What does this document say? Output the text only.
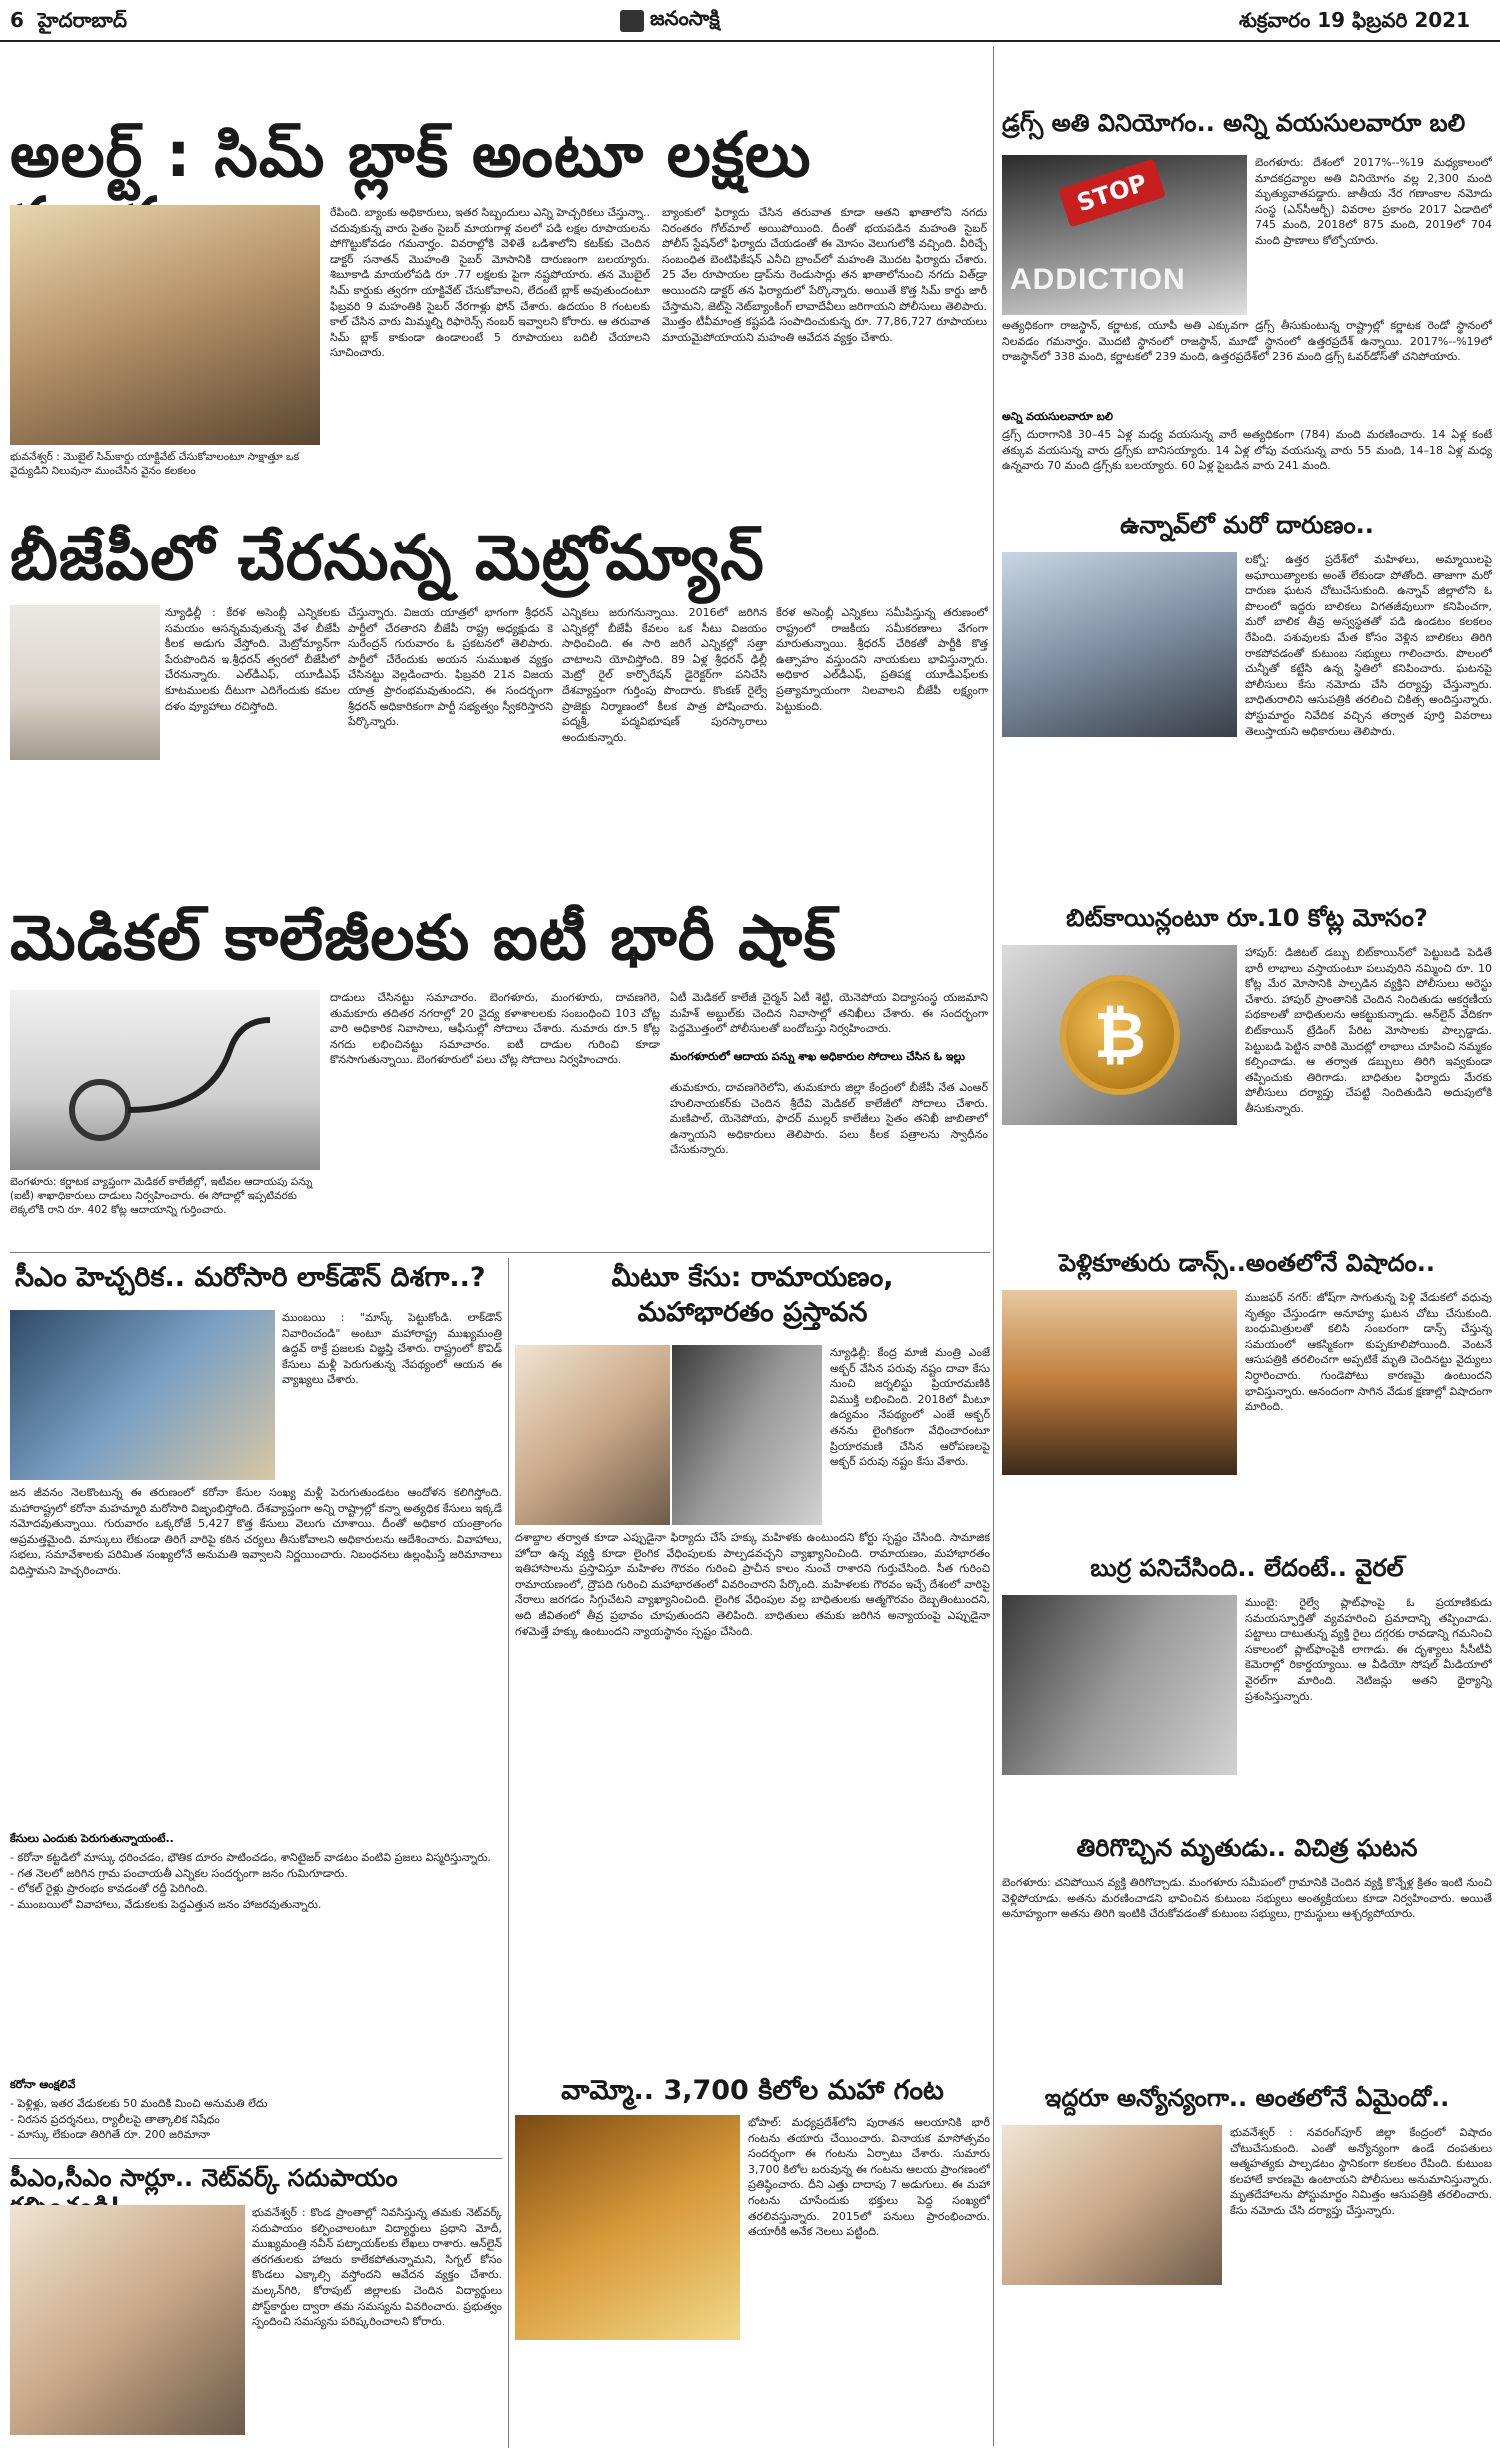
6 హైదరాబాద్	జనంసాక్షి	శుక్రవారం 19 ఫిబ్రవరి 2021
అలర్ట్ : సిమ్ బ్లాక్ అంటూ లక్షలు
భువనేశ్వర్ : మొబైల్ సిమ్‌కార్డు యాక్టివేట్ చేసుకోవాలంటూ సాక్షాత్తూ ఒక వైద్యుడిని నిలువునా ముంచేసిన వైనం కలకలం
రేపింది. బ్యాంకు అధికారులు, ఇతర సిబ్బందులు ఎన్ని హెచ్చరికలు చేస్తున్నా.. చదువుకున్న వారు సైతం సైబర్ మాయగాళ్ల వలలో పడి లక్షల రూపాయలను పోగొట్టుకోవడం గమనార్హం. వివరాల్లోకి వెళితే ఒడిశాలోని కటక్‌కు చెందిన డాక్టర్ సనాతన్ మొహంతి సైబర్ మోసానికి దారుణంగా బలయ్యారు. శిబూకాడి మాయలోపడి రూ .77 లక్షలకు పైగా నష్టపోయారు. తన మొబైల్ సిమ్ కార్డుకు త్వరగా యాక్టివేట్ చేసుకోవాలని, లేదంటే బ్లాక్ అవుతుందంటూ ఫిబ్రవరి 9 మహంతికి సైబర్ నేరగాళ్లు ఫోన్ చేశారు. ఉదయం 8 గంటలకు కాల్ చేసిన వారు మిమ్మల్ని రిఫారెన్స్ నంబర్ ఇవ్వాలని కోరారు. ఆ తరువాత సిమ్ బ్లాక్ కాకుండా ఉండాలంటే 5 రూపాయలు బదిలీ చేయాలని సూచించారు.
బ్యాంకులో ఫిర్యాదు చేసిన తరువాత కూడా ఆతని ఖాతాలోని నగదు నిరంతరం గోల్‌మాల్ అయిపోయింది. దీంతో భయపడిన మహంతి సైబర్ పోలీస్ స్టేషన్‌లో ఫిర్యాదు చేయడంతో ఈ మోసం వెలుగులోకి వచ్చింది. వీరిచ్చే సంబంధిత బెంటిఫికేషన్ ఎనీచి బ్రాంచ్‌లో మహంతి మొదట ఫిర్యాదు చేశారు. 25 వేల రూపాయల డ్రాప్‌ను రెండుసార్లు తన ఖాతాలోనుంచి నగదు విత్‌డ్రా అయిందని డాక్టర్ తన ఫిర్యాదులో పేర్కొన్నారు. అయితే కొత్త సిమ్ కార్డు జారీ చేస్తామని, జెట్‌సై నెట్‌బ్యాంకింగ్ లావాదేవీలు జరిగాయని పోలీసులు తెలిపారు. మొత్తం టీవీమాంత్ర కష్టపడి సంపాదించుకున్న రూ. 77,86,727 రూపాయలు మాయమైపోయాయని మహంతి ఆవేదన వ్యక్తం చేశారు.
బీజేపీలో చేరనున్న మెట్రోమ్యాన్
న్యూఢిల్లీ : కేరళ అసెంబ్లీ ఎన్నికలకు సమయం ఆసన్నమవుతున్న వేళ బీజేపీ కీలక అడుగు వేస్తోంది. మెట్రోమ్యాన్‌గా పేరుపొందిన ఇ.శ్రీధరన్ త్వరలో బీజేపీలో చేరనున్నారు. ఎల్‌డీఎఫ్, యూడీఎఫ్ కూటములకు దీటుగా ఎదిగేందుకు కమల దళం వ్యూహాలు రచిస్తోంది.
చేస్తున్నారు. విజయ యాత్రలో భాగంగా శ్రీధరన్ పార్టీలో చేరతారని బీజేపీ రాష్ట్ర అధ్యక్షుడు కె సురేంద్రన్ గురువారం ఓ ప్రకటనలో తెలిపారు. పార్టీలో చేరేందుకు అయన సుముఖత వ్యక్తం చేసినట్టు వెల్లడించారు. ఫిబ్రవరి 21న విజయ యాత్ర ప్రారంభమవుతుందని, ఈ సందర్భంగా శ్రీధరన్ అధికారికంగా పార్టీ సభ్యత్వం స్వీకరిస్తారని పేర్కొన్నారు.
ఎన్నికలు జరుగనున్నాయి. 2016లో జరిగిన ఎన్నికల్లో బీజేపీ కేవలం ఒక సీటు విజయం సాధించింది. ఈ సారి జరిగే ఎన్నికల్లో సత్తా చాటాలని యోచిస్తోంది. 89 ఏళ్ల శ్రీధరన్ ఢిల్లీ మెట్రో రైల్ కార్పొరేషన్ డైరెక్టర్‌గా పనిచేసి దేశవ్యాప్తంగా గుర్తింపు పొందారు. కొంకణ్ రైల్వే ప్రాజెక్టు నిర్మాణంలో కీలక పాత్ర పోషించారు. పద్మశ్రీ, పద్మవిభూషణ్ పురస్కారాలు అందుకున్నారు.
కేరళ అసెంబ్లీ ఎన్నికలు సమీపిస్తున్న తరుణంలో రాష్ట్రంలో రాజకీయ సమీకరణాలు వేగంగా మారుతున్నాయి. శ్రీధరన్ చేరికతో పార్టీకి కొత్త ఉత్సాహం వస్తుందని నాయకులు భావిస్తున్నారు. అధికార ఎల్‌డీఎఫ్, ప్రతిపక్ష యూడీఎఫ్‌లకు ప్రత్యామ్నాయంగా నిలవాలని బీజేపీ లక్ష్యంగా పెట్టుకుంది.
మెడికల్ కాలేజీలకు ఐటీ భారీ షాక్
బెంగళూరు: కర్ణాటక వ్యాప్తంగా మెడికల్ కాలేజీల్లో, ఇటీవల ఆదాయపు పన్ను (ఐటీ) శాఖాధికారులు దాడులు నిర్వహించారు. ఈ సోదాల్లో ఇప్పటివరకు లెక్కలోకి రాని రూ. 402 కోట్ల ఆదాయాన్ని గుర్తించారు.
దాడులు చేసినట్టు సమాచారం. బెంగళూరు, మంగళూరు, దావణగెరె, తుమకూరు తదితర నగరాల్లో 20 వైద్య కళాశాలలకు సంబంధించి 103 చోట్ల వారి అధికారిక నివాసాలు, ఆఫీసుల్లో సోదాలు చేశారు. నుమారు రూ.5 కోట్ల నగదు లభించినట్టు సమాచారం. ఐటీ దాడుల గురించి కూడా కొనసాగుతున్నాయి. బెంగళూరులో పలు చోట్ల సోదాలు నిర్వహించారు.
ఏటీ మెడికల్ కాలేజీ చైర్మన్ ఏటీ శెట్టి, యెనెపోయ విద్యాసంస్థ యజమాని మహేశ్ అబ్దుల్‌కు చెందిన నివాసాల్లో తనిఖీలు చేశారు. ఈ సందర్భంగా పెద్దమొత్తంలో పోలీసులతో బందోబస్తు నిర్వహించారు.
మంగళూరులో ఆదాయ పన్ను శాఖ అధికారుల సోదాలు చేసిన ఓ ఇల్లు
తుమకూరు, దావణగెరెలోని, తుమకూరు జిల్లా కేంద్రంలో బీజేపీ నేత ఎంఆర్ హులినాయకర్‌కు చెందిన శ్రీదేవి మెడికల్ కాలేజీలో సోదాలు చేశారు. మణిపాల్, యెనెపోయ, ఫాదర్ ముల్లర్ కాలేజీలు సైతం తనిఖీ జాబితాలో ఉన్నాయని అధికారులు తెలిపారు. పలు కీలక పత్రాలను స్వాధీనం చేసుకున్నారు.
సీఎం హెచ్చరిక.. మరోసారి లాక్‌డౌన్ దిశగా..?
ముంబయి : "మాస్క్ పెట్టుకోండి. లాక్‌డౌన్ నివారించండి" అంటూ మహారాష్ట్ర ముఖ్యమంత్రి ఉద్ధవ్ ఠాక్రే ప్రజలకు విజ్ఞప్తి చేశారు. రాష్ట్రంలో కొవిడ్ కేసులు మళ్లీ పెరుగుతున్న నేపథ్యంలో ఆయన ఈ వ్యాఖ్యలు చేశారు.
జన జీవనం నెలకొంటున్న ఈ తరుణంలో కరోనా కేసుల సంఖ్య మళ్లీ పెరుగుతుండటం ఆందోళన కలిగిస్తోంది. మహారాష్ట్రలో కరోనా మహమ్మారి మరోసారి విజృంభిస్తోంది. దేశవ్యాప్తంగా అన్ని రాష్ట్రాల్లో కన్నా అత్యధిక కేసులు ఇక్కడే నమోదవుతున్నాయి. గురువారం ఒక్కరోజే 5,427 కొత్త కేసులు వెలుగు చూశాయి. దీంతో అధికార యంత్రాంగం అప్రమత్తమైంది. మాస్కులు లేకుండా తిరిగే వారిపై కఠిన చర్యలు తీసుకోవాలని అధికారులను ఆదేశించారు. వివాహాలు, సభలు, సమావేశాలకు పరిమిత సంఖ్యలోనే అనుమతి ఇవ్వాలని నిర్ణయించారు. నిబంధనలు ఉల్లంఘిస్తే జరిమానాలు విధిస్తామని హెచ్చరించారు.
కేసులు ఎందుకు పెరుగుతున్నాయంటే..
- కరోనా కట్టడిలో మాస్కు ధరించడం, భౌతిక దూరం పాటించడం, శానిటైజర్ వాడటం వంటివి ప్రజలు విస్మరిస్తున్నారు.
- గత నెలలో జరిగిన గ్రామ పంచాయతీ ఎన్నికల సందర్భంగా జనం గుమిగూడారు.
- లోకల్ రైళ్లు ప్రారంభం కావడంతో రద్దీ పెరిగింది.
- ముంబయిలో వివాహాలు, వేడుకలకు పెద్దఎత్తున జనం హాజరవుతున్నారు.
కరోనా ఆంక్షలివే
- పెళ్లిళ్లు, ఇతర వేడుకలకు 50 మందికి మించి అనుమతి లేదు
- నిరసన ప్రదర్శనలు, ర్యాలీలపై తాత్కాలిక నిషేధం
- మాస్కు లేకుండా తిరిగితే రూ. 200 జరిమానా
మీటూ కేసు: రామాయణం,
మహాభారతం ప్రస్తావన
న్యూఢిల్లీ: కేంద్ర మాజీ మంత్రి ఎంజే అక్బర్ వేసిన పరువు నష్టం దావా కేసు నుంచి జర్నలిస్టు ప్రియారమణికి విముక్తి లభించింది. 2018లో మీటూ ఉద్యమం నేపథ్యంలో ఎంజే అక్బర్ తనను లైంగికంగా వేధించారంటూ ప్రియారమణి చేసిన ఆరోపణలపై అక్బర్ పరువు నష్టం కేసు వేశారు.
దశాబ్దాల తర్వాత కూడా ఎప్పుడైనా ఫిర్యాదు చేసే హక్కు మహిళకు ఉంటుందని కోర్టు స్పష్టం చేసింది. సామాజిక హోదా ఉన్న వ్యక్తి కూడా లైంగిక వేధింపులకు పాల్పడవచ్చని వ్యాఖ్యానించింది. రామాయణం, మహాభారతం ఇతిహాసాలను ప్రస్తావిస్తూ మహిళల గౌరవం గురించి ప్రాచీన కాలం నుంచే రాశారని గుర్తుచేసింది. సీత గురించి రామాయణంలో, ద్రౌపది గురించి మహాభారతంలో వివరించారని పేర్కొంది. మహిళలకు గౌరవం ఇచ్చే దేశంలో వారిపై నేరాలు జరగడం సిగ్గుచేటని వ్యాఖ్యానించింది. లైంగిక వేధింపుల వల్ల బాధితులకు ఆత్మగౌరవం దెబ్బతింటుందని, అది జీవితంలో తీవ్ర ప్రభావం చూపుతుందని తెలిపింది. బాధితులు తమకు జరిగిన అన్యాయంపై ఎప్పుడైనా గళమెత్తే హక్కు ఉంటుందని న్యాయస్థానం స్పష్టం చేసింది.
వామ్మో.. 3,700 కిలోల మహా గంట
భోపాల్: మధ్యప్రదేశ్‌లోని పురాతన ఆలయానికి భారీ గంటను తయారు చేయించారు. వినాయక మాసోత్సవం సందర్భంగా ఈ గంటను ఏర్పాటు చేశారు. సుమారు 3,700 కిలోల బరువున్న ఈ గంటను ఆలయ ప్రాంగణంలో ప్రతిష్ఠించారు. దీని ఎత్తు దాదాపు 7 అడుగులు. ఈ మహా గంటను చూసేందుకు భక్తులు పెద్ద సంఖ్యలో తరలివస్తున్నారు. 2015లో పనులు ప్రారంభించారు. తయారీకి అనేక నెలలు పట్టింది.
పీఎం,సీఎం సార్లూ.. నెట్‌వర్క్ సదుపాయం
భువనేశ్వర్ : కొండ ప్రాంతాల్లో నివసిస్తున్న తమకు నెట్‌వర్క్ సదుపాయం కల్పించాలంటూ విద్యార్థులు ప్రధాని మోదీ, ముఖ్యమంత్రి నవీన్ పట్నాయక్‌లకు లేఖలు రాశారు. ఆన్‌లైన్ తరగతులకు హాజరు కాలేకపోతున్నామని, సిగ్నల్ కోసం కొండలు ఎక్కాల్సి వస్తోందని ఆవేదన వ్యక్తం చేశారు. మల్కన్‌గిరి, కోరాపుట్ జిల్లాలకు చెందిన విద్యార్థులు పోస్ట్‌కార్డుల ద్వారా తమ సమస్యను వివరించారు. ప్రభుత్వం స్పందించి సమస్యను పరిష్కరించాలని కోరారు.
డ్రగ్స్ అతి వినియోగం.. అన్ని వయసులవారూ బలి
STOP
ADDICTION
బెంగళూరు: దేశంలో 2017%--%19 మధ్యకాలంలో మాదకద్రవ్యాల అతి వినియోగం వల్ల 2,300 మంది మృత్యువాతపడ్డారు. జాతీయ నేర గణాంకాల నమోదు సంస్థ (ఎన్‌సీఆర్బీ) వివరాల ప్రకారం 2017 ఏడాదిలో 745 మంది, 2018లో 875 మంది, 2019లో 704 మంది ప్రాణాలు కోల్పోయారు.
అత్యధికంగా రాజస్థాన్, కర్ణాటక, యూపీ అతి ఎక్కువగా డ్రగ్స్ తీసుకుంటున్న రాష్ట్రాల్లో కర్ణాటక రెండో స్థానంలో నిలవడం గమనార్హం. మొదటి స్థానంలో రాజస్థాన్, మూడో స్థానంలో ఉత్తరప్రదేశ్ ఉన్నాయి. 2017%--%19లో రాజస్థాన్‌లో 338 మంది, కర్ణాటకలో 239 మంది, ఉత్తరప్రదేశ్‌లో 236 మంది డ్రగ్స్ ఓవర్‌డోస్‌తో చనిపోయారు.
అన్ని వయసులవారూ బలి
డ్రగ్స్ దురాగానికి 30–45 ఏళ్ల మధ్య వయసున్న వారే అత్యధికంగా (784) మంది మరణించారు. 14 ఏళ్ల కంటే తక్కువ వయసున్న వారు డ్రగ్స్‌కు బానిసయ్యారు. 14 ఏళ్ల లోపు వయసున్న వారు 55 మంది, 14–18 ఏళ్ల మధ్య ఉన్నవారు 70 మంది డ్రగ్స్‌కు బలయ్యారు. 60 ఏళ్ల పైబడిన వారు 241 మంది.
ఉన్నావ్‌లో మరో దారుణం..
లక్నో: ఉత్తర ప్రదేశ్‌లో మహిళలు, అమ్మాయిలపై అఘాయిత్యాలకు అంతే లేకుండా పోతోంది. తాజాగా మరో దారుణ ఘటన చోటుచేసుకుంది. ఉన్నావ్ జిల్లాలోని ఓ పొలంలో ఇద్దరు బాలికలు విగతజీవులుగా కనిపించగా, మరో బాలిక తీవ్ర అస్వస్థతతో పడి ఉండటం కలకలం రేపింది. పశువులకు మేత కోసం వెళ్లిన బాలికలు తిరిగి రాకపోవడంతో కుటుంబ సభ్యులు గాలించారు. పొలంలో చున్నీతో కట్టేసి ఉన్న స్థితిలో కనిపించారు. ఘటనపై పోలీసులు కేసు నమోదు చేసి దర్యాప్తు చేస్తున్నారు. బాధితురాలిని ఆసుపత్రికి తరలించి చికిత్స అందిస్తున్నారు. పోస్టుమార్టం నివేదిక వచ్చిన తర్వాత పూర్తి వివరాలు తెలుస్తాయని అధికారులు తెలిపారు.
బిట్‌కాయిన్లంటూ రూ.10 కోట్ల మోసం?
₿
హాపుర్: డిజిటల్ డబ్బు బిట్‌కాయిన్‌లో పెట్టుబడి పెడితే భారీ లాభాలు వస్తాయంటూ పలువురిని నమ్మించి రూ. 10 కోట్ల మేర మోసానికి పాల్పడిన వ్యక్తిని పోలీసులు అరెస్టు చేశారు. హాపుర్ ప్రాంతానికి చెందిన నిందితుడు ఆకర్షణీయ పథకాలతో బాధితులను ఆకట్టుకున్నాడు. ఆన్‌లైన్ వేదికగా బిట్‌కాయిన్ ట్రేడింగ్ పేరిట మోసాలకు పాల్పడ్డాడు. పెట్టుబడి పెట్టిన వారికి మొదట్లో లాభాలు చూపించి నమ్మకం కల్పించాడు. ఆ తర్వాత డబ్బులు తిరిగి ఇవ్వకుండా తప్పించుకు తిరిగాడు. బాధితుల ఫిర్యాదు మేరకు పోలీసులు దర్యాప్తు చేపట్టి నిందితుడిని అదుపులోకి తీసుకున్నారు.
పెళ్లికూతురు డాన్స్..అంతలోనే విషాదం..
ముజఫర్ నగర్: జోష్‌గా సాగుతున్న పెళ్లి వేడుకలో వధువు నృత్యం చేస్తుండగా అనూహ్య ఘటన చోటు చేసుకుంది. బంధుమిత్రులతో కలిసి సంబరంగా డాన్స్ చేస్తున్న సమయంలో ఆకస్మికంగా కుప్పకూలిపోయింది. వెంటనే ఆసుపత్రికి తరలించగా అప్పటికే మృతి చెందినట్టు వైద్యులు నిర్ధారించారు. గుండెపోటు కారణమై ఉంటుందని భావిస్తున్నారు. ఆనందంగా సాగిన వేడుక క్షణాల్లో విషాదంగా మారింది.
బుర్ర పనిచేసింది.. లేదంటే.. వైరల్
ముంబై: రైల్వే ప్లాట్‌ఫాంపై ఓ ప్రయాణికుడు సమయస్ఫూర్తితో వ్యవహరించి ప్రమాదాన్ని తప్పించాడు. పట్టాలు దాటుతున్న వ్యక్తి రైలు దగ్గరకు రావడాన్ని గమనించి సకాలంలో ప్లాట్‌ఫాంపైకి లాగాడు. ఈ దృశ్యాలు సీసీటీవీ కెమెరాల్లో రికార్డయ్యాయి. ఆ వీడియో సోషల్ మీడియాలో వైరల్‌గా మారింది. నెటిజన్లు అతని ధైర్యాన్ని ప్రశంసిస్తున్నారు.
తిరిగొచ్చిన మృతుడు.. విచిత్ర ఘటన
బెంగళూరు: చనిపోయిన వ్యక్తి తిరిగొచ్చాడు. మంగళూరు సమీపంలో గ్రామానికి చెందిన వ్యక్తి కొన్నేళ్ల క్రితం ఇంటి నుంచి వెళ్లిపోయాడు. అతను మరణించాడని భావించిన కుటుంబ సభ్యులు అంత్యక్రియలు కూడా నిర్వహించారు. అయితే అనూహ్యంగా అతను తిరిగి ఇంటికి చేరుకోవడంతో కుటుంబ సభ్యులు, గ్రామస్థులు ఆశ్చర్యపోయారు.
ఇద్దరూ అన్యోన్యంగా.. అంతలోనే ఏమైందో..
భువనేశ్వర్ : నవరంగ్‌పూర్ జిల్లా కేంద్రంలో విషాదం చోటుచేసుకుంది. ఎంతో అన్యోన్యంగా ఉండే దంపతులు ఆత్మహత్యకు పాల్పడటం స్థానికంగా కలకలం రేపింది. కుటుంబ కలహాలే కారణమై ఉంటాయని పోలీసులు అనుమానిస్తున్నారు. మృతదేహాలను పోస్టుమార్టం నిమిత్తం ఆసుపత్రికి తరలించారు. కేసు నమోదు చేసి దర్యాప్తు చేస్తున్నారు.
